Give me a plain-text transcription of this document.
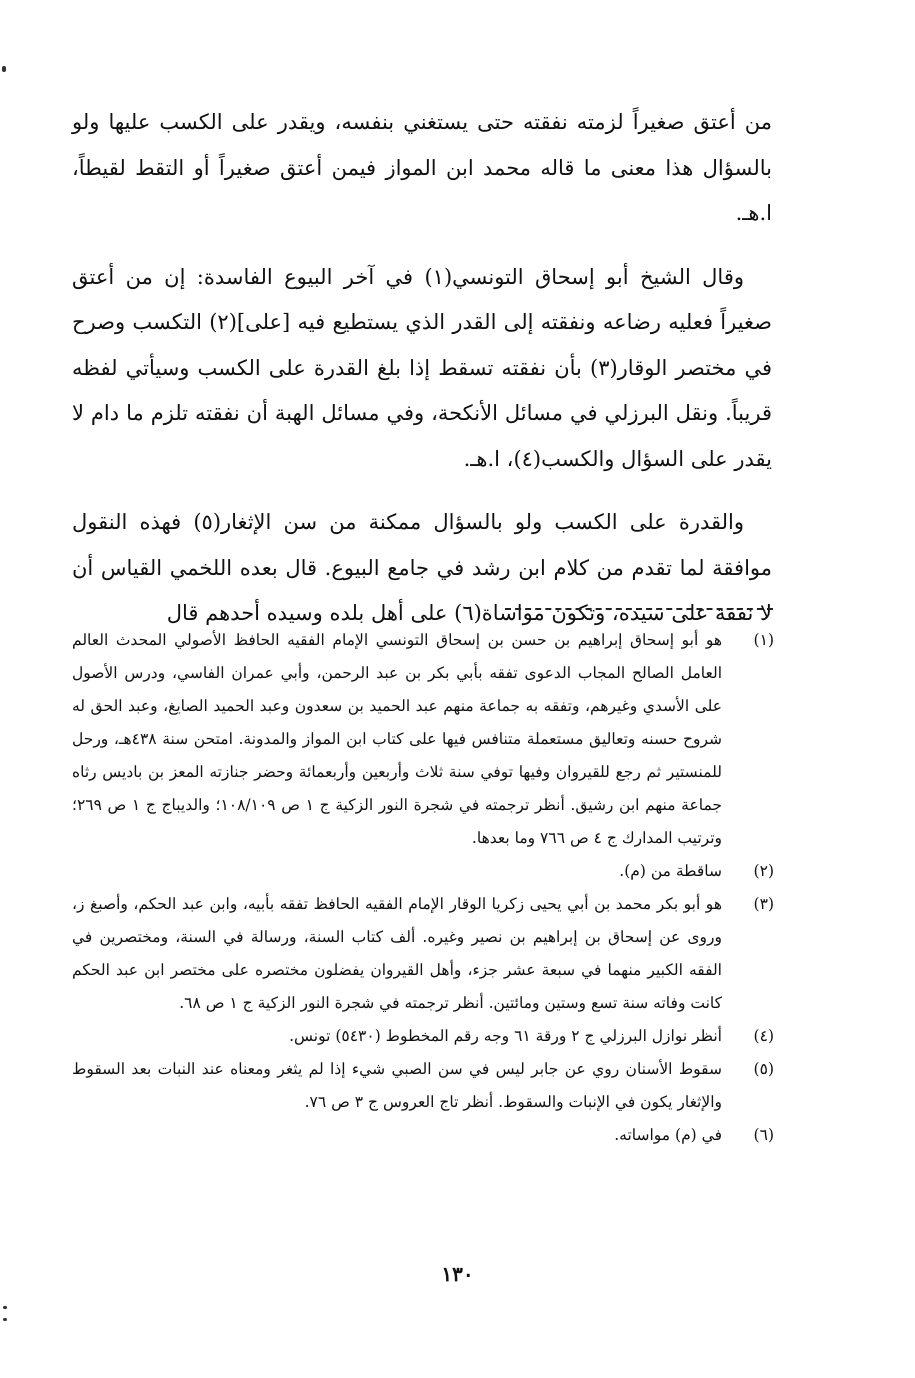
من أعتق صغيراً لزمته نفقته حتى يستغني بنفسه، ويقدر على الكسب عليها ولو بالسؤال هذا معنى ما قاله محمد ابن المواز فيمن أعتق صغيراً أو التقط لقيطاً، ا.هـ.

وقال الشيخ أبو إسحاق التونسي(١) في آخر البيوع الفاسدة: إن من أعتق صغيراً فعليه رضاعه ونفقته إلى القدر الذي يستطيع فيه [على](٢) التكسب وصرح في مختصر الوقار(٣) بأن نفقته تسقط إذا بلغ القدرة على الكسب وسيأتي لفظه قريباً. ونقل البرزلي في مسائل الأنكحة، وفي مسائل الهبة أن نفقته تلزم ما دام لا يقدر على السؤال والكسب(٤)، ا.هـ.

والقدرة على الكسب ولو بالسؤال ممكنة من سن الإثغار(٥) فهذه النقول موافقة لما تقدم من كلام ابن رشد في جامع البيوع. قال بعده اللخمي القياس أن لا نفقة على سيده، وتكون مواساة(٦) على أهل بلده وسيده أحدهم قال

(١)
هو أبو إسحاق إبراهيم بن حسن بن إسحاق التونسي الإمام الفقيه الحافظ الأصولي المحدث العالم العامل الصالح المجاب الدعوى تفقه بأبي بكر بن عبد الرحمن، وأبي عمران الفاسي، ودرس الأصول على الأسدي وغيرهم، وتفقه به جماعة منهم عبد الحميد بن سعدون وعبد الحميد الصايغ، وعبد الحق له شروح حسنه وتعاليق مستعملة متنافس فيها على كتاب ابن المواز والمدونة. امتحن سنة ٤٣٨هـ، ورحل للمنستير ثم رجع للقيروان وفيها توفي سنة ثلاث وأربعين وأربعمائة وحضر جنازته المعز بن باديس رثاه جماعة منهم ابن رشيق. أنظر ترجمته في شجرة النور الزكية ج ١ ص ١٠٨/١٠٩؛ والديباج ج ١ ص ٢٦٩؛ وترتيب المدارك ج ٤ ص ٧٦٦ وما بعدها.
(٢)
ساقطة من (م).
(٣)
هو أبو بكر محمد بن أبي يحيى زكريا الوقار الإمام الفقيه الحافظ تفقه بأبيه، وابن عبد الحكم، وأصبغ ز، وروى عن إسحاق بن إبراهيم بن نصير وغيره. ألف كتاب السنة، ورسالة في السنة، ومختصرين في الفقه الكبير منهما في سبعة عشر جزء، وأهل القيروان يفضلون مختصره على مختصر ابن عبد الحكم كانت وفاته سنة تسع وستين ومائتين. أنظر ترجمته في شجرة النور الزكية ج ١ ص ٦٨.
(٤)
أنظر نوازل البرزلي ج ٢ ورقة ٦١ وجه رقم المخطوط (٥٤٣٠) تونس.
(٥)
سقوط الأسنان روي عن جابر ليس في سن الصبي شيء إذا لم يثغر ومعناه عند النبات بعد السقوط والإثغار يكون في الإنبات والسقوط. أنظر تاج العروس ج ٣ ص ٧٦.
(٦)
في (م) مواساته.
١٣٠
